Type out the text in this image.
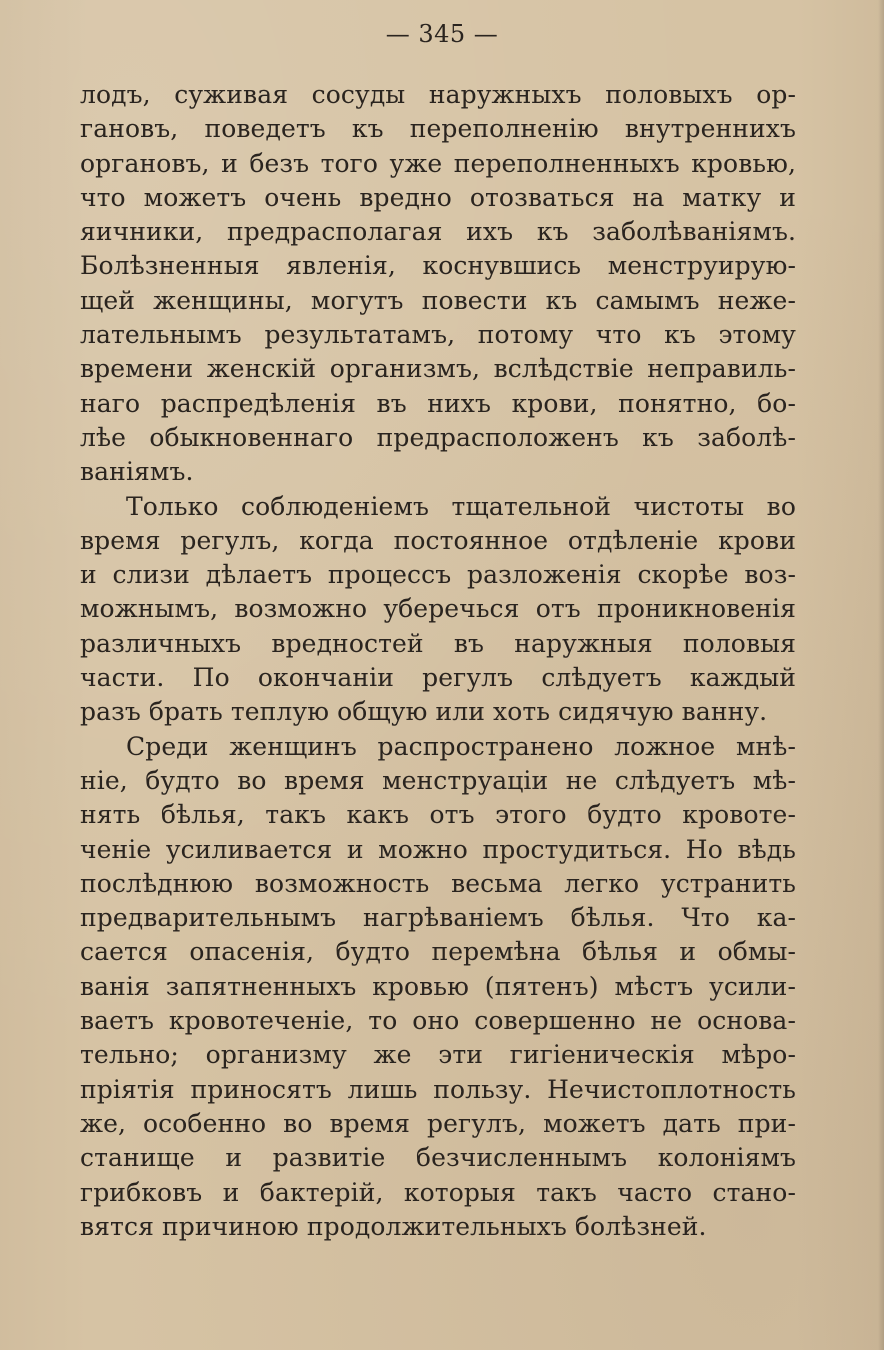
— 345 —
лодъ, суживая сосуды наружныхъ половыхъ ор-
гановъ, поведетъ къ переполненію внутреннихъ
органовъ, и безъ того уже переполненныхъ кровью,
что можетъ очень вредно отозваться на матку и
яичники, предрасполагая ихъ къ заболѣваніямъ.
Болѣзненныя явленія, коснувшись менструирую-
щей женщины, могутъ повести къ самымъ неже-
лательнымъ результатамъ, потому что къ этому
времени женскій организмъ, вслѣдствіе неправиль-
наго распредѣленія въ нихъ крови, понятно, бо-
лѣе обыкновеннаго предрасположенъ къ заболѣ-
ваніямъ.
Только соблюденіемъ тщательной чистоты во
время регулъ, когда постоянное отдѣленіе крови
и слизи дѣлаетъ процессъ разложенія скорѣе воз-
можнымъ, возможно уберечься отъ проникновенія
различныхъ вредностей въ наружныя половыя
части. По окончаніи регулъ слѣдуетъ каждый
разъ брать теплую общую или хоть сидячую ванну.
Среди женщинъ распространено ложное мнѣ-
ніе, будто во время менструаціи не слѣдуетъ мѣ-
нять бѣлья, такъ какъ отъ этого будто кровоте-
ченіе усиливается и можно простудиться. Но вѣдь
послѣднюю возможность весьма легко устранить
предварительнымъ нагрѣваніемъ бѣлья. Что ка-
сается опасенія, будто перемѣна бѣлья и обмы-
ванія запятненныхъ кровью (пятенъ) мѣстъ усили-
ваетъ кровотеченіе, то оно совершенно не основа-
тельно; организму же эти гигіеническія мѣро-
пріятія приносятъ лишь пользу. Нечистоплотность
же, особенно во время регулъ, можетъ дать при-
станище и развитіе безчисленнымъ колоніямъ
грибковъ и бактерій, которыя такъ часто стано-
вятся причиною продолжительныхъ болѣзней.
